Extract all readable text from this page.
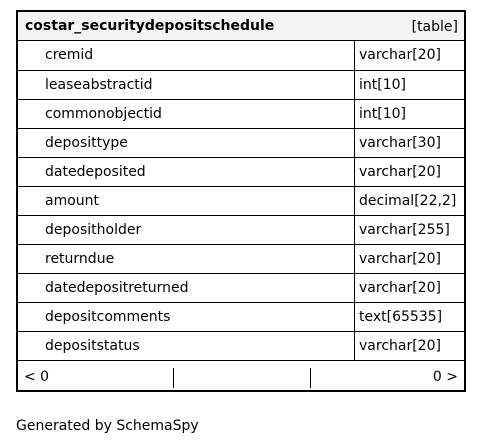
costar_securitydepositschedule	[table]
cremid	varchar[20]
leaseabstractid	int[10]
commonobjectid	int[10]
deposittype	varchar[30]
datedeposited	varchar[20]
amount	decimal[22,2]
depositholder	varchar[255]
returndue	varchar[20]
datedepositreturned	varchar[20]
depositcomments	text[65535]
depositstatus	varchar[20]
< 0	0 >
Generated by SchemaSpy
